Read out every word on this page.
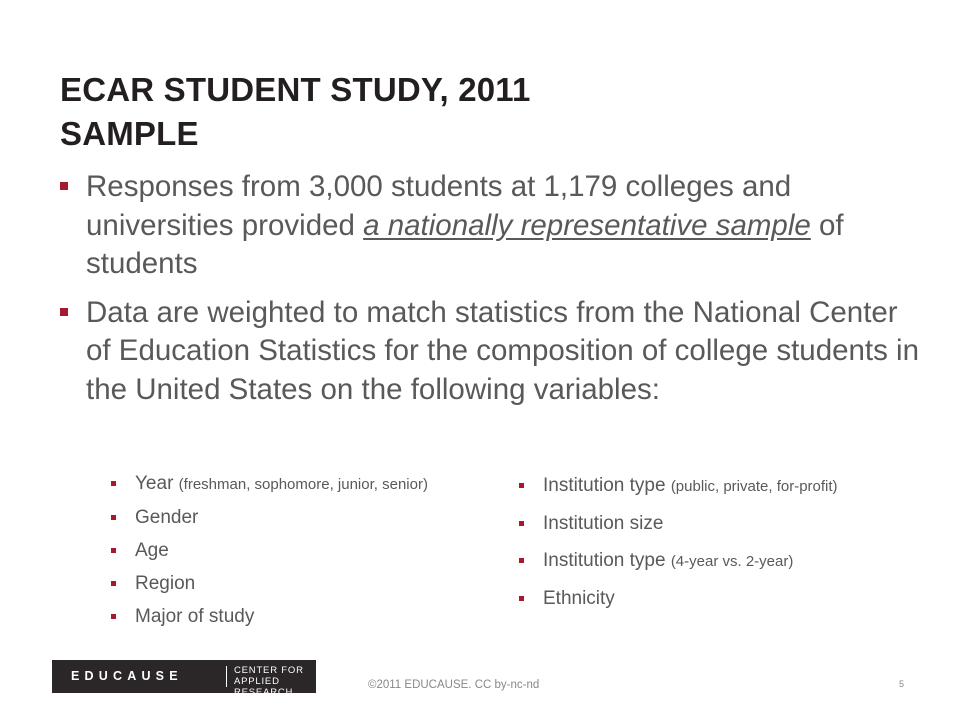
ECAR STUDENT STUDY, 2011
SAMPLE
Responses from 3,000 students at 1,179 colleges and universities provided a nationally representative sample of students
Data are weighted to match statistics from the National Center of Education Statistics for the composition of college students in the United States on the following variables:
Year (freshman, sophomore, junior, senior)
Gender
Age
Region
Major of study
Institution type (public, private, for-profit)
Institution size
Institution type (4-year vs. 2-year)
Ethnicity
EDUCAUSE	CENTER FOR
APPLIED RESEARCH
©2011 EDUCAUSE. CC by-nc-nd	5
